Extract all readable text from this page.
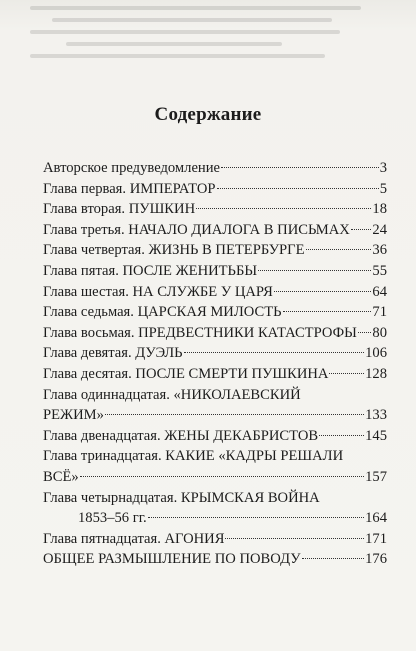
Содержание
Авторское предуведомление	3
Глава первая. ИМПЕРАТОР	5
Глава вторая. ПУШКИН	18
Глава третья. НАЧАЛО ДИАЛОГА В ПИСЬМАХ 24
Глава четвертая. ЖИЗНЬ В ПЕТЕРБУРГЕ	36
Глава пятая. ПОСЛЕ ЖЕНИТЬБЫ	55
Глава шестая. НА СЛУЖБЕ У ЦАРЯ	64
Глава седьмая. ЦАРСКАЯ МИЛОСТЬ	71
Глава восьмая. ПРЕДВЕСТНИКИ КАТАСТРОФЫ 80
Глава девятая. ДУЭЛЬ	106
Глава десятая. ПОСЛЕ СМЕРТИ ПУШКИНА	128
Глава одиннадцатая. «НИКОЛАЕВСКИЙ
РЕЖИМ»	133
Глава двенадцатая. ЖЕНЫ ДЕКАБРИСТОВ	145
Глава тринадцатая. КАКИЕ «КАДРЫ РЕШАЛИ
ВСЁ»	157
Глава четырнадцатая. КРЫМСКАЯ ВОЙНА
1853–56 гг.	164
Глава пятнадцатая. АГОНИЯ	171
ОБЩЕЕ РАЗМЫШЛЕНИЕ ПО ПОВОДУ	176
